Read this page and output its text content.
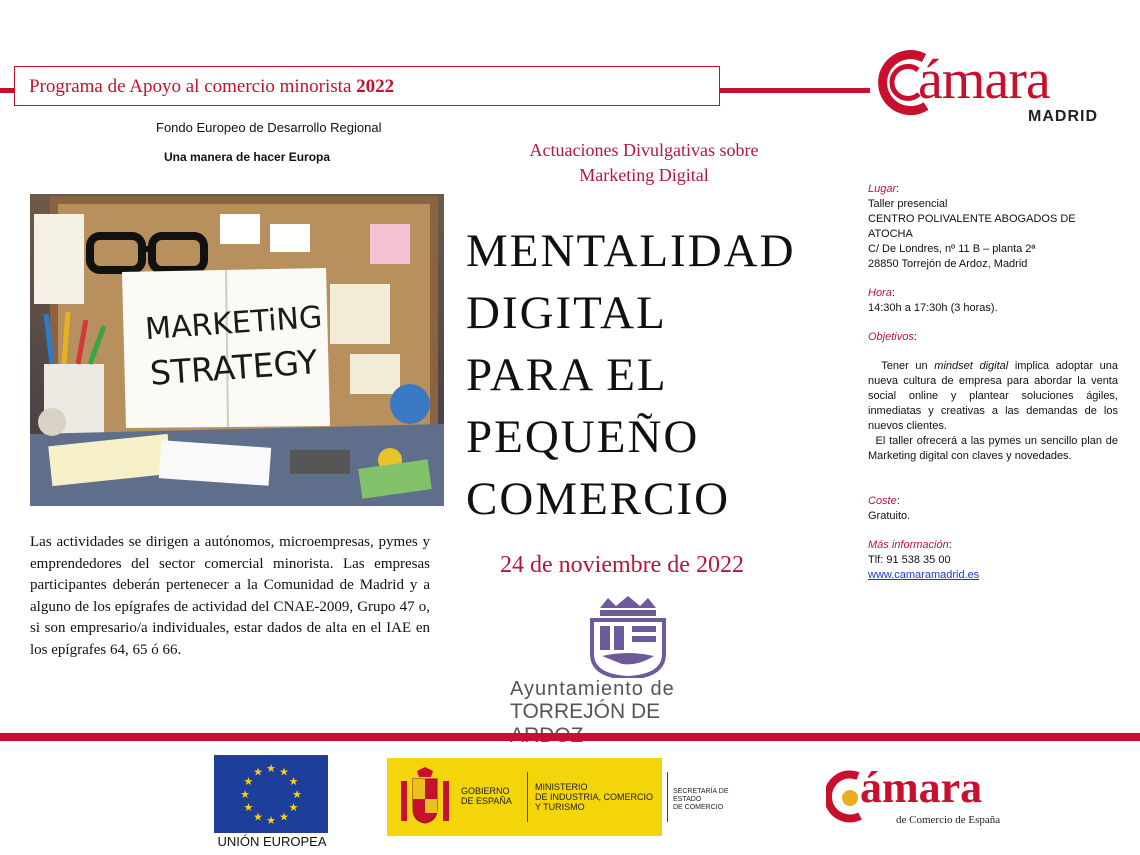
Programa de Apoyo al comercio minorista 2022	ámara
MADRID
Fondo Europeo de Desarrollo Regional
Una manera de hacer Europa	Actuaciones Divulgativas sobre
Marketing Digital
MARKETiNG
STRATEGY
MENTALIDAD
DIGITAL
PARA EL
PEQUEÑO
COMERCIO
24 de noviembre de 2022
Las actividades se dirigen a autónomos, microempresas, pymes y emprendedores del sector comercial minorista. Las empresas participantes deberán pertenecer a la Comunidad de Madrid y a alguno de los epígrafes de actividad del CNAE-2009, Grupo 47 o, si son empresario/a individuales, estar dados de alta en el IAE en los epígrafes 64, 65 ó 66.
Lugar:
Taller presencial
CENTRO POLIVALENTE ABOGADOS DE ATOCHA
C/ De Londres, nº 11 B – planta 2ª
28850 Torrejón de Ardoz, Madrid
Hora:
14:30h a 17:30h (3 horas).
Objetivos:
Tener un mindset digital implica adoptar una nueva cultura de empresa para abordar la venta social online y plantear soluciones ágiles, inmediatas y creativas a las demandas de los nuevos clientes.
El taller ofrecerá a las pymes un sencillo plan de Marketing digital con claves y novedades.
Coste:
Gratuito.
Más información:
Tlf: 91 538 35 00
www.camaramadrid.es
Ayuntamiento de
TORREJÓN DE
★ ★
★
★
★
★
★
★
★
★
★
★
UNIÓN EUROPEA
GOBIERNO
DE ESPAÑA
MINISTERIO
DE INDUSTRIA, COMERCIO
Y TURISMO
SECRETARÍA DE ESTADO
DE COMERCIO	ámara
de Comercio de España
